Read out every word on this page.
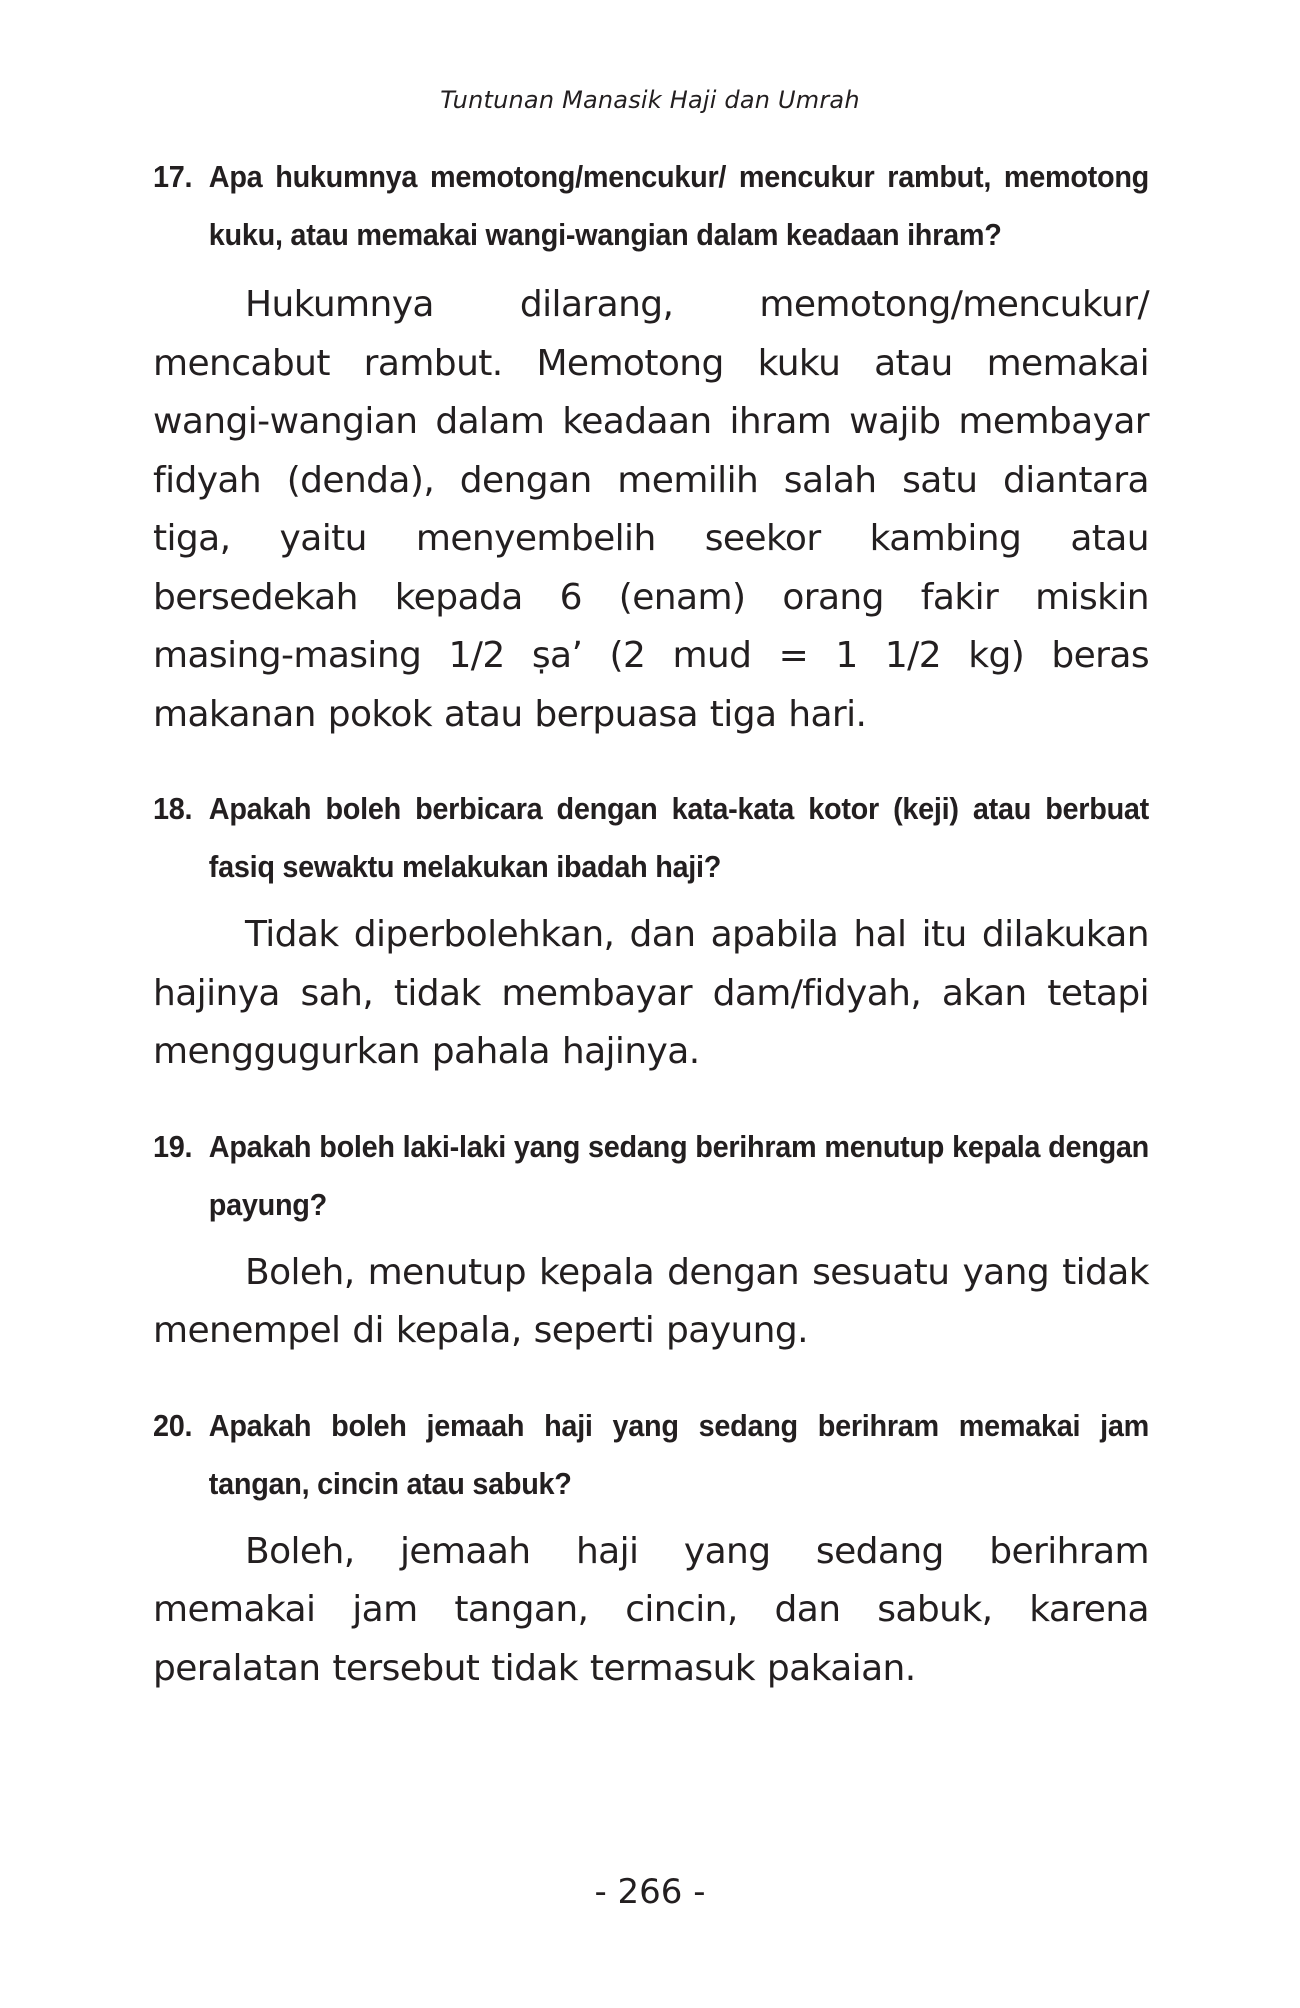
Tuntunan Manasik Haji dan Umrah
17. Apa hukumnya memotong/mencukur/ mencukur rambut, memotong kuku, atau memakai wangi-wangian dalam keadaan ihram?

Hukumnya dilarang, memotong/mencukur/ mencabut rambut. Memotong kuku atau memakai wangi-wangian dalam keadaan ihram wajib membayar fidyah (denda), dengan memilih salah satu diantara tiga, yaitu menyembelih seekor kambing atau bersedekah kepada 6 (enam) orang fakir miskin masing-masing 1/2 ṣa’ (2 mud = 1 1/2 kg) beras makanan pokok atau berpuasa tiga hari.

18. Apakah boleh berbicara dengan kata-kata kotor (keji) atau berbuat fasiq sewaktu melakukan ibadah haji?

Tidak diperbolehkan, dan apabila hal itu dilakukan hajinya sah, tidak membayar dam/fidyah, akan tetapi menggugurkan pahala hajinya.

19. Apakah boleh laki-laki yang sedang berihram menutup kepala dengan payung?

Boleh, menutup kepala dengan sesuatu yang tidak menempel di kepala, seperti payung.

20. Apakah boleh jemaah haji yang sedang berihram memakai jam tangan, cincin atau sabuk?

Boleh, jemaah haji yang sedang berihram memakai jam tangan, cincin, dan sabuk, karena peralatan tersebut tidak termasuk pakaian.

- 266 -
